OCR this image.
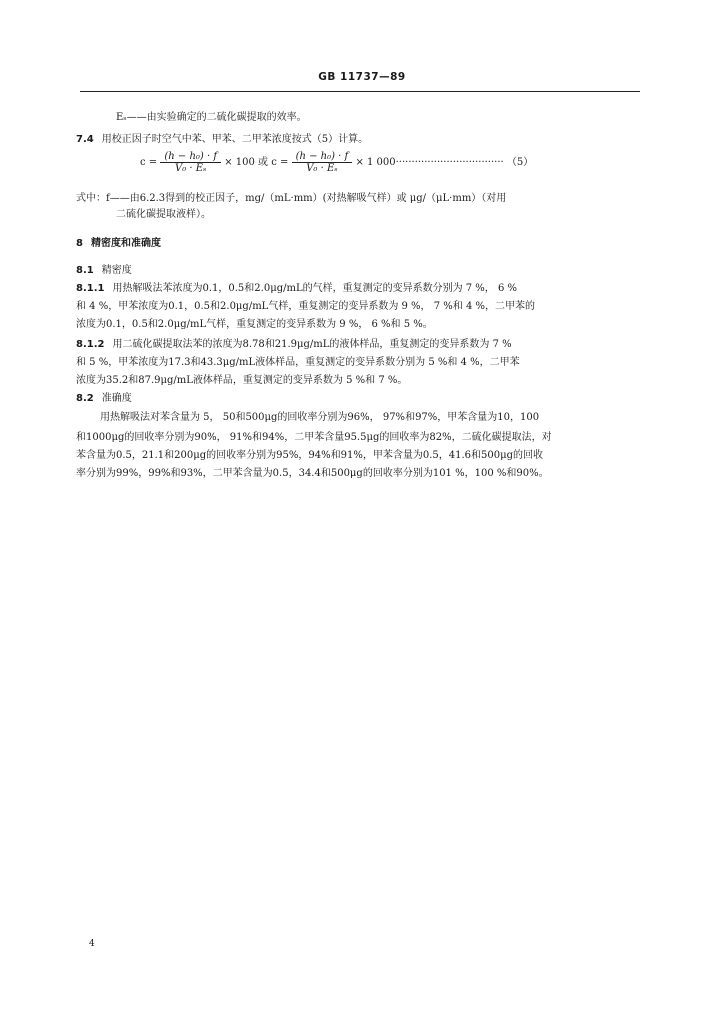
GB 11737—89
Eₛ——由实验确定的二硫化碳提取的效率。
7.4 用校正因子时空气中苯、甲苯、二甲苯浓度按式（5）计算。
$c = \frac{\text{(h − h₀) · f}}{\text{V₀ · Eₛ}} \times 100$ 或 $c = \frac{\text{(h − h₀) · f}}{\text{V₀ · Eₛ}} \times 1$ 000·································· （5）
式中：f——由6.2.3得到的校正因子，mg/（mL·mm）(对热解吸气样）或 μg/（μL·mm）（对用
二硫化碳提取液样）。
8 精密度和准确度
8.1 精密度
8.1.1 用热解吸法苯浓度为0.1，0.5和2.0μg/mL的气样，重复测定的变异系数分别为 7 %， 6 %
和 4 %，甲苯浓度为0.1，0.5和2.0μg/mL气样，重复测定的变异系数为 9 %， 7 %和 4 %，二甲苯的
浓度为0.1，0.5和2.0μg/mL气样，重复测定的变异系数为 9 %， 6 %和 5 %。
8.1.2 用二硫化碳提取法苯的浓度为8.78和21.9μg/mL的液体样品，重复测定的变异系数为 7 %
和 5 %，甲苯浓度为17.3和43.3μg/mL液体样品，重复测定的变异系数分别为 5 %和 4 %，二甲苯
浓度为35.2和87.9μg/mL液体样品，重复测定的变异系数为 5 %和 7 %。
8.2 准确度
用热解吸法对苯含量为 5， 50和500μg的回收率分别为96%， 97%和97%，甲苯含量为10，100
和1000μg的回收率分别为90%， 91%和94%，二甲苯含量95.5μg的回收率为82%，二硫化碳提取法，对
苯含量为0.5，21.1和200μg的回收率分别为95%，94%和91%，甲苯含量为0.5，41.6和500μg的回收
率分别为99%，99%和93%，二甲苯含量为0.5，34.4和500μg的回收率分别为101 %，100 %和90%。
4
